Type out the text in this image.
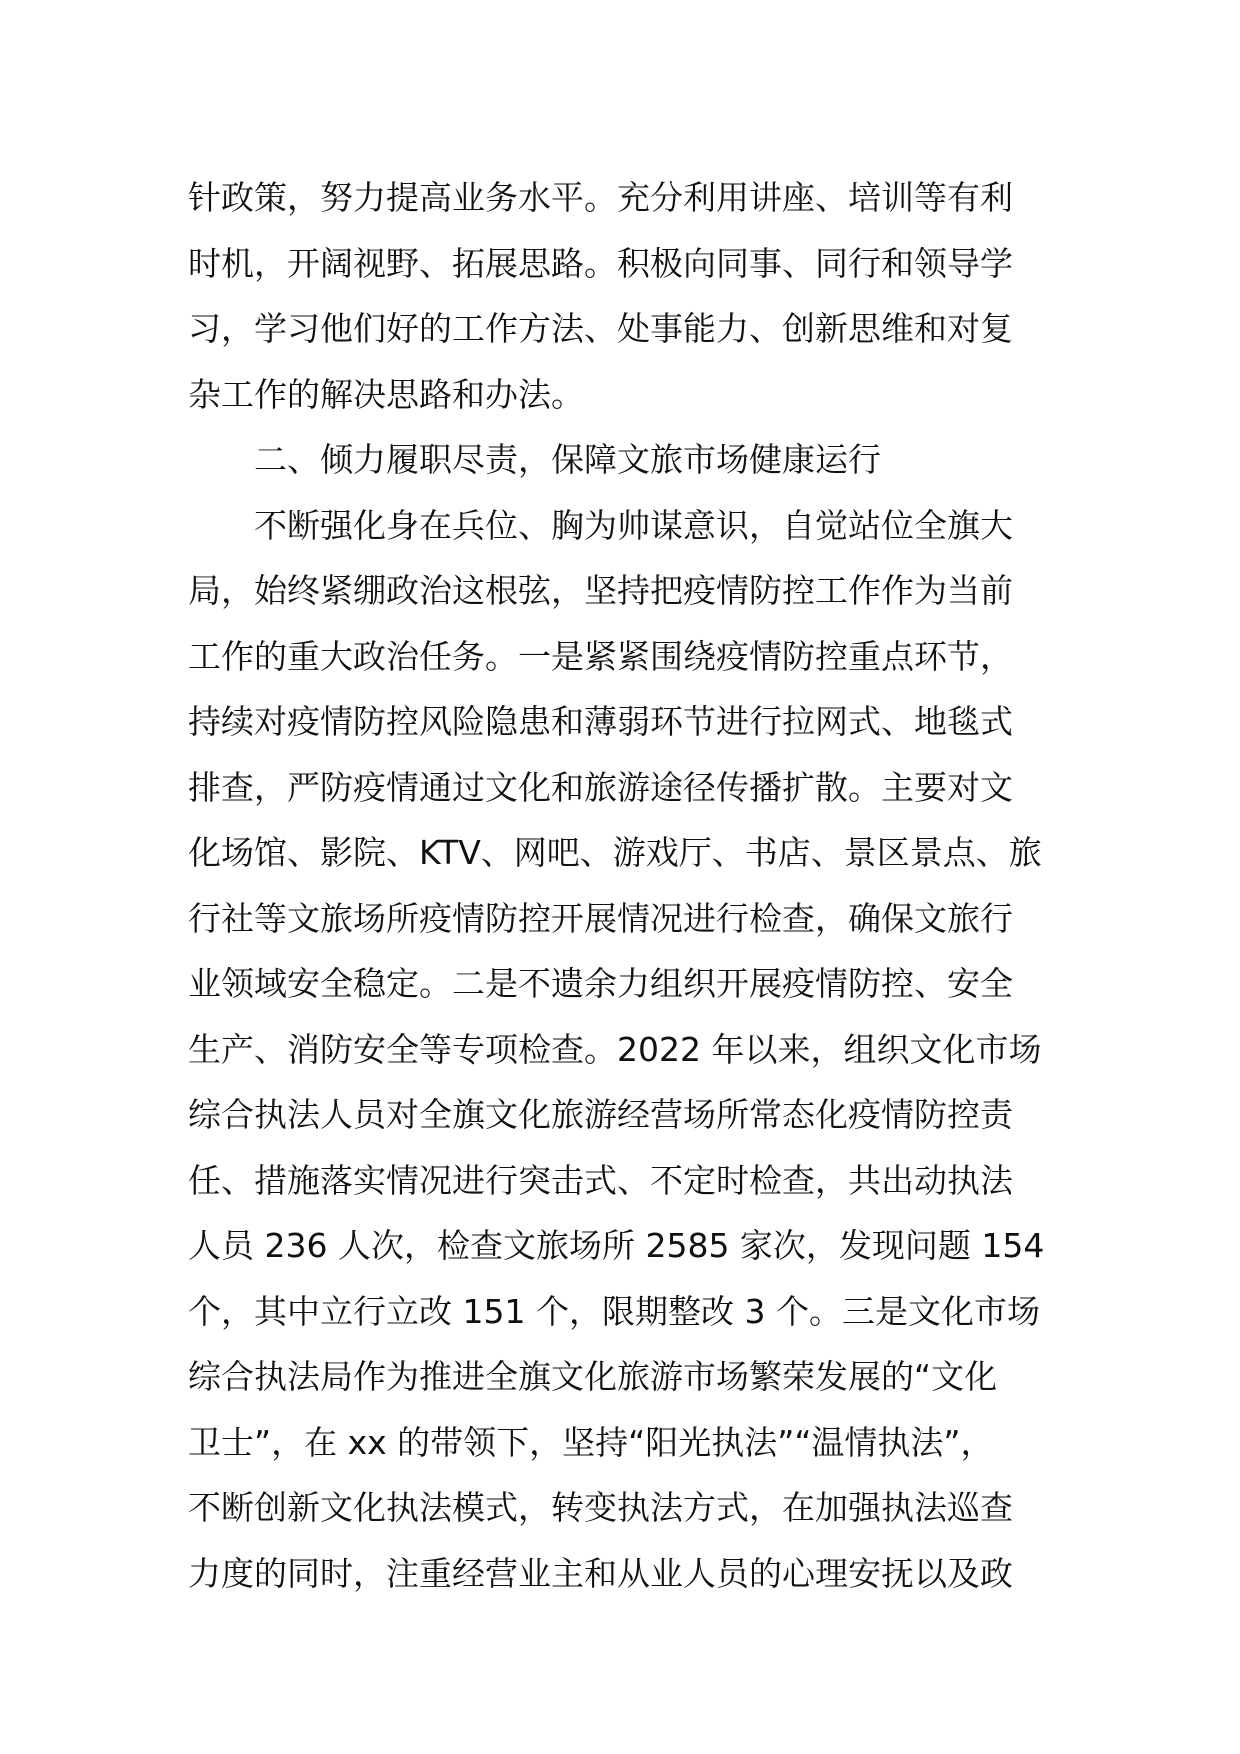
针政策，努力提高业务水平。充分利用讲座、培训等有利
时机，开阔视野、拓展思路。积极向同事、同行和领导学
习，学习他们好的工作方法、处事能力、创新思维和对复
杂工作的解决思路和办法。
二、倾力履职尽责，保障文旅市场健康运行
不断强化身在兵位、胸为帅谋意识，自觉站位全旗大
局，始终紧绷政治这根弦，坚持把疫情防控工作作为当前
工作的重大政治任务。一是紧紧围绕疫情防控重点环节，
持续对疫情防控风险隐患和薄弱环节进行拉网式、地毯式
排查，严防疫情通过文化和旅游途径传播扩散。主要对文
化场馆、影院、KTV、网吧、游戏厅、书店、景区景点、旅
行社等文旅场所疫情防控开展情况进行检查，确保文旅行
业领域安全稳定。二是不遗余力组织开展疫情防控、安全
生产、消防安全等专项检查。2022 年以来，组织文化市场
综合执法人员对全旗文化旅游经营场所常态化疫情防控责
任、措施落实情况进行突击式、不定时检查，共出动执法
人员 236 人次，检查文旅场所 2585 家次，发现问题 154
个，其中立行立改 151 个，限期整改 3 个。三是文化市场
综合执法局作为推进全旗文化旅游市场繁荣发展的“文化
卫士”，在 xx 的带领下，坚持“阳光执法”“温情执法”，
不断创新文化执法模式，转变执法方式，在加强执法巡查
力度的同时，注重经营业主和从业人员的心理安抚以及政
